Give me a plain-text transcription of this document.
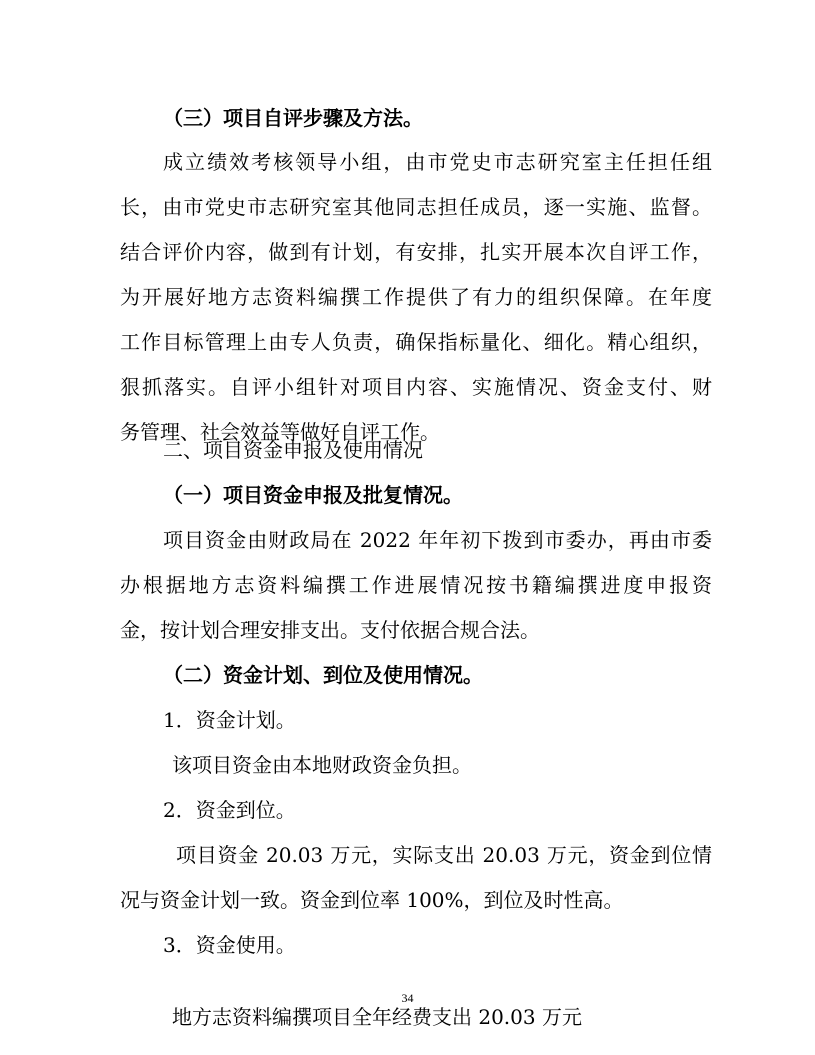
（三）项目自评步骤及方法。
成立绩效考核领导小组，由市党史市志研究室主任担任组
长，由市党史市志研究室其他同志担任成员，逐一实施、监督。
结合评价内容，做到有计划，有安排，扎实开展本次自评工作，
为开展好地方志资料编撰工作提供了有力的组织保障。在年度
工作目标管理上由专人负责，确保指标量化、细化。精心组织，
狠抓落实。自评小组针对项目内容、实施情况、资金支付、财
务管理、社会效益等做好自评工作。
二、项目资金申报及使用情况
（一）项目资金申报及批复情况。
项目资金由财政局在 2022 年年初下拨到市委办，再由市委
办根据地方志资料编撰工作进展情况按书籍编撰进度申报资
金，按计划合理安排支出。支付依据合规合法。
（二）资金计划、到位及使用情况。
1．资金计划。
该项目资金由本地财政资金负担。
2．资金到位。
项目资金 20.03 万元，实际支出 20.03 万元，资金到位情
况与资金计划一致。资金到位率 100%，到位及时性高。
3．资金使用。
地方志资料编撰项目全年经费支出 20.03 万元
34
